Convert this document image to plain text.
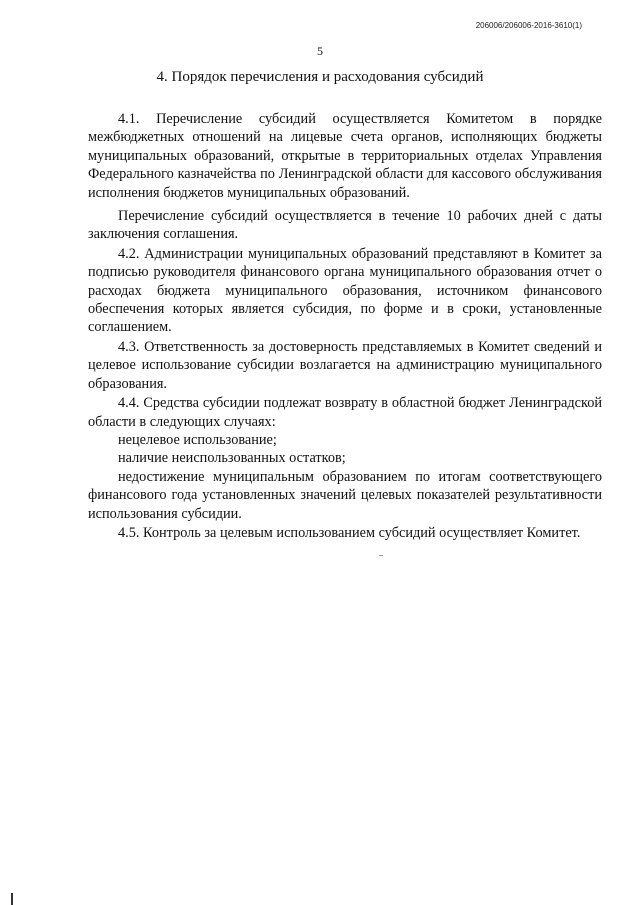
206006/206006-2016-3610(1)
5
4. Порядок перечисления и расходования субсидий

4.1. Перечисление субсидий осуществляется Комитетом в порядке межбюджетных отношений на лицевые счета органов, исполняющих бюджеты муниципальных образований, открытые в территориальных отделах Управления Федерального казначейства по Ленинградской области для кассового обслуживания исполнения бюджетов муниципальных образований.

Перечисление субсидий осуществляется в течение 10 рабочих дней с даты заключения соглашения.

4.2. Администрации муниципальных образований представляют в Комитет за подписью руководителя финансового органа муниципального образования отчет о расходах бюджета муниципального образования, источником финансового обеспечения которых является субсидия, по форме и в сроки, установленные соглашением.

4.3. Ответственность за достоверность представляемых в Комитет сведений и целевое использование субсидии возлагается на администрацию муниципального образования.

4.4. Средства субсидии подлежат возврату в областной бюджет Ленинградской области в следующих случаях:

нецелевое использование;

наличие неиспользованных остатков;

недостижение муниципальным образованием по итогам соответствующего финансового года установленных значений целевых показателей результативности использования субсидии.

4.5. Контроль за целевым использованием субсидий осуществляет Комитет.
